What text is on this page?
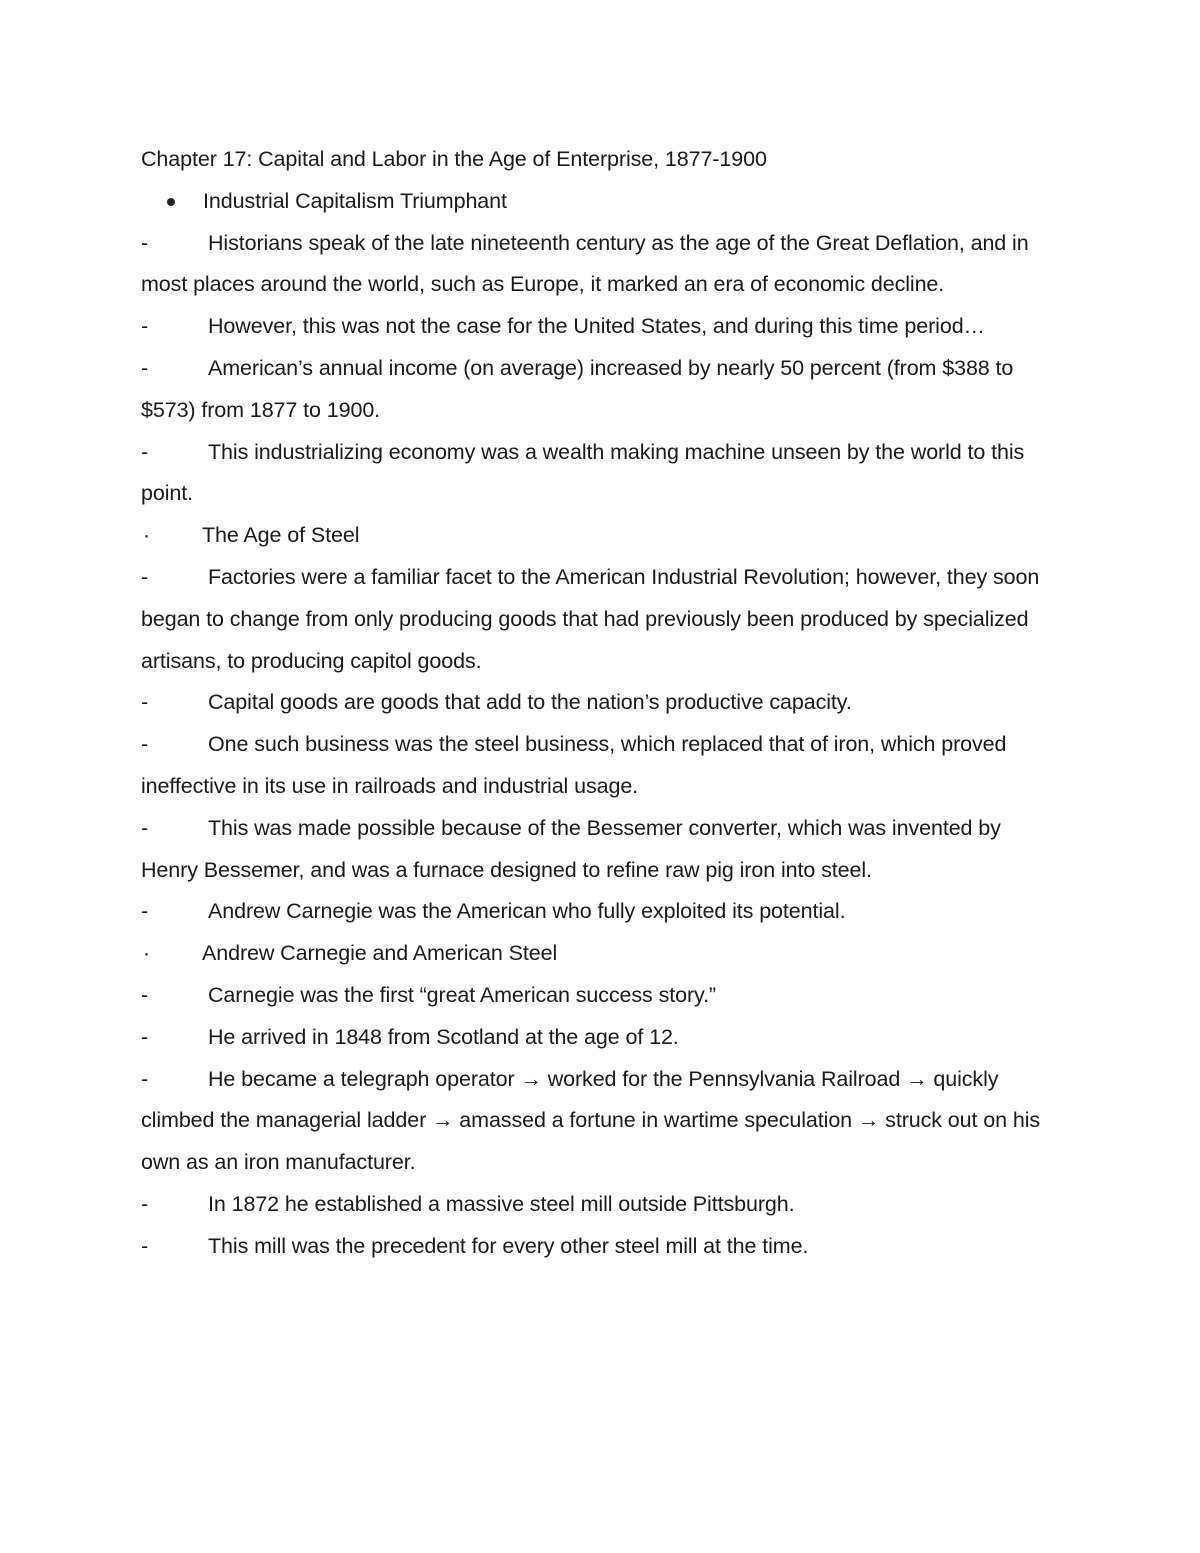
Chapter 17: Capital and Labor in the Age of Enterprise, 1877-1900

Industrial Capitalism Triumphant
-	Historians speak of the late nineteenth century as the age of the Great Deflation, and in most places around the world, such as Europe, it marked an era of economic decline.
-	However, this was not the case for the United States, and during this time period…
-	American’s annual income (on average) increased by nearly 50 percent (from $388 to $573) from 1877 to 1900.
-	This industrializing economy was a wealth making machine unseen by the world to this point.
· The Age of Steel
-	Factories were a familiar facet to the American Industrial Revolution; however, they soon began to change from only producing goods that had previously been produced by specialized artisans, to producing capitol goods.
-	Capital goods are goods that add to the nation’s productive capacity.
-	One such business was the steel business, which replaced that of iron, which proved ineffective in its use in railroads and industrial usage.
-	This was made possible because of the Bessemer converter, which was invented by Henry Bessemer, and was a furnace designed to refine raw pig iron into steel.
-	Andrew Carnegie was the American who fully exploited its potential.
· Andrew Carnegie and American Steel
-	Carnegie was the first “great American success story.”
-	He arrived in 1848 from Scotland at the age of 12.
-	He became a telegraph operator → worked for the Pennsylvania Railroad → quickly climbed the managerial ladder → amassed a fortune in wartime speculation → struck out on his own as an iron manufacturer.
-	In 1872 he established a massive steel mill outside Pittsburgh.
-	This mill was the precedent for every other steel mill at the time.
